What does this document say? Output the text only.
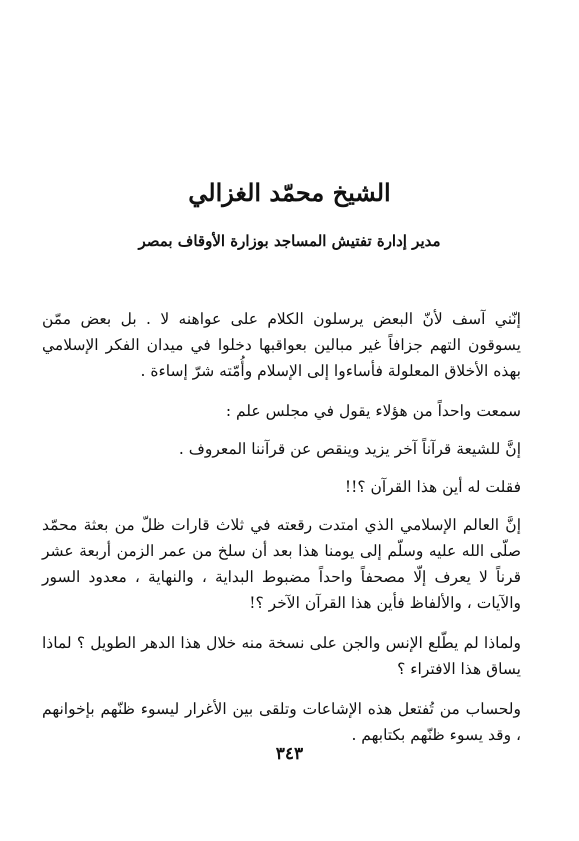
الشيخ محمّد الغزالي
مدير إدارة تفتيش المساجد بوزارة الأوقاف بمصر

إنّني آسف لأنّ البعض يرسلون الكلام على عواهنه لا . بل بعض ممّن يسوقون التهم جزافاً غير مبالين بعواقبها دخلوا في ميدان الفكر الإسلامي بهذه الأخلاق المعلولة فأساءوا إلى الإسلام وأُمّته شرّ إساءة .

سمعت واحداً من هؤلاء يقول في مجلس علم :

إنَّ للشيعة قرآناً آخر يزيد وينقص عن قرآننا المعروف .

فقلت له أين هذا القرآن ؟!!

إنَّ العالم الإسلامي الذي امتدت رقعته في ثلاث قارات ظلّ من بعثة محمّد صلّى الله عليه وسلّم إلى يومنا هذا بعد أن سلخ من عمر الزمن أربعة عشر قرناً لا يعرف إلّا مصحفاً واحداً مضبوط البداية ، والنهاية ، معدود السور والآيات ، والألفاظ فأين هذا القرآن الآخر ؟!

ولماذا لم يطّلع الإنس والجن على نسخة منه خلال هذا الدهر الطويل ؟ لماذا يساق هذا الافتراء ؟

ولحساب من تُفتعل هذه الإشاعات وتلقى بين الأغرار ليسوء ظنّهم بإخوانهم ، وقد يسوء ظنّهم بكتابهم .

٣٤٣
